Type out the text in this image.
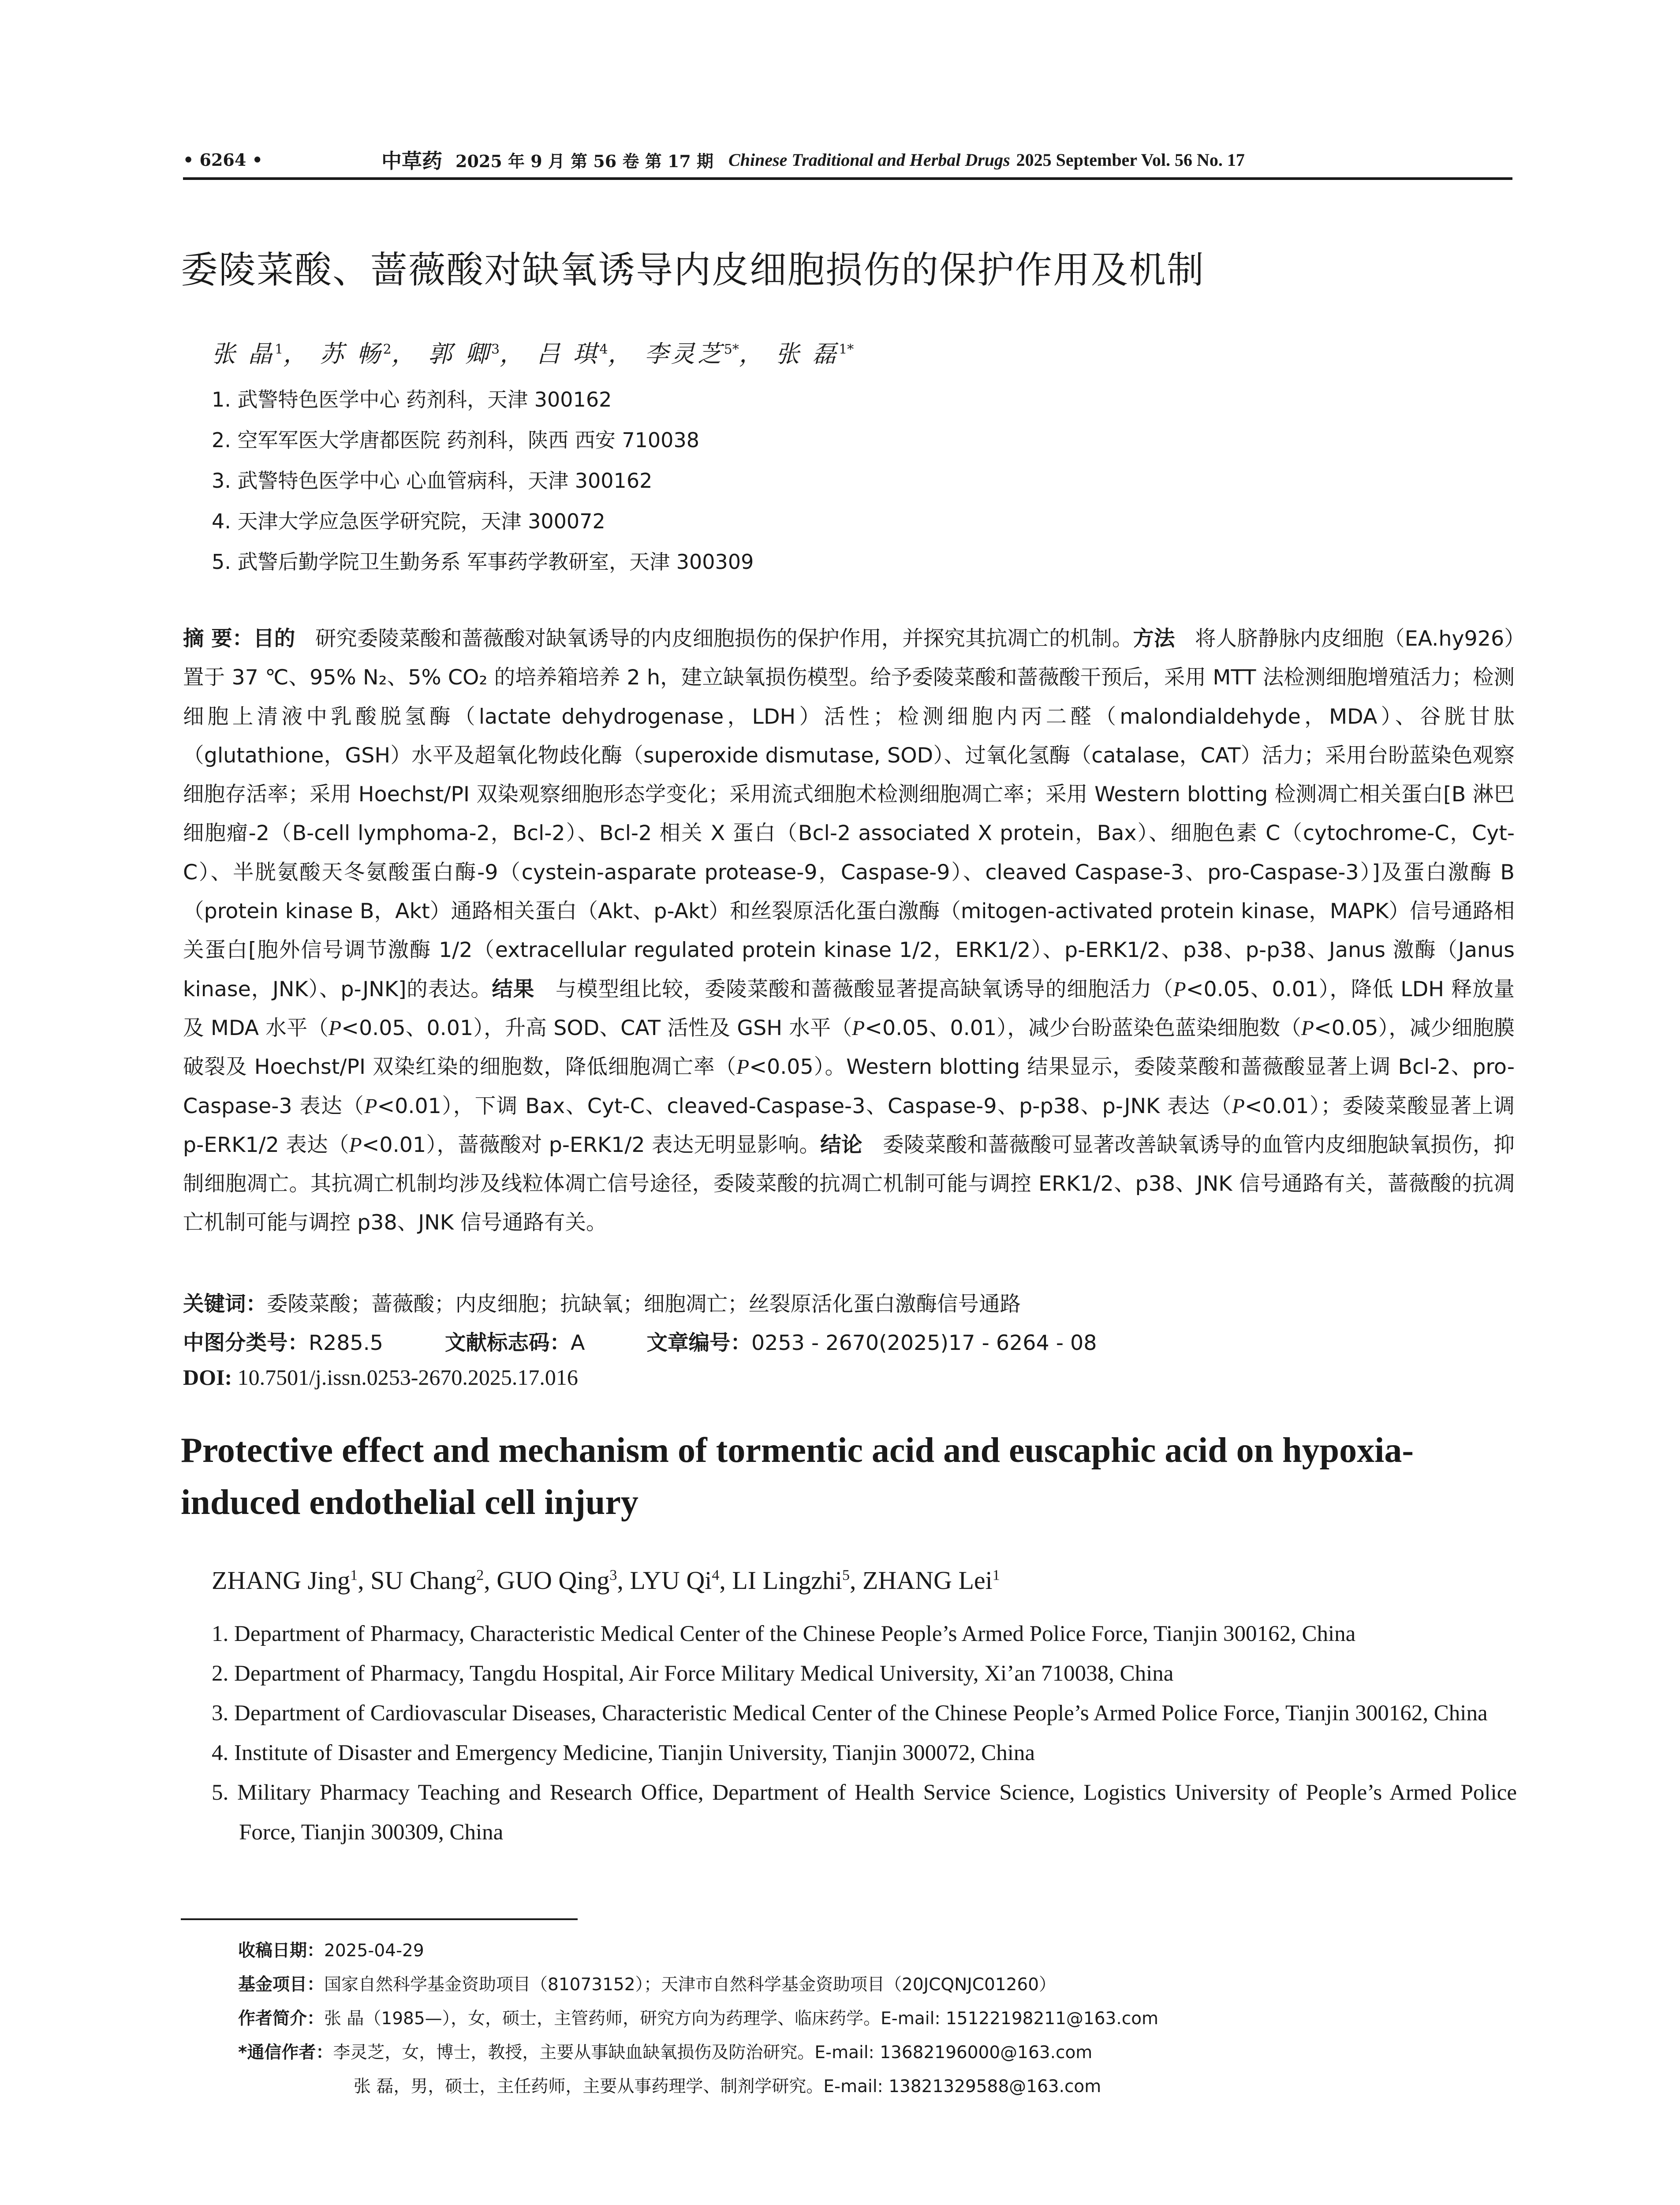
• 6264 •	中草药 2025 年 9 月 第 56 卷 第 17 期 Chinese Traditional and Herbal Drugs 2025 September Vol. 56 No. 17
委陵菜酸、蔷薇酸对缺氧诱导内皮细胞损伤的保护作用及机制
张 晶$^1$， 苏 畅$^2$， 郭 卿$^3$， 吕 琪$^4$， 李灵芝$^{5*}$， 张 磊$^{1*}$
1. 武警特色医学中心 药剂科，天津 300162
2. 空军军医大学唐都医院 药剂科，陕西 西安 710038
3. 武警特色医学中心 心血管病科，天津 300162
4. 天津大学应急医学研究院，天津 300072
5. 武警后勤学院卫生勤务系 军事药学教研室，天津 300309
摘 要：目的 研究委陵菜酸和蔷薇酸对缺氧诱导的内皮细胞损伤的保护作用，并探究其抗凋亡的机制。方法 将人脐静脉内皮细胞（EA.hy926）置于 37 ℃、95% N₂、5% CO₂ 的培养箱培养 2 h，建立缺氧损伤模型。给予委陵菜酸和蔷薇酸干预后，采用 MTT 法检测细胞增殖活力；检测细胞上清液中乳酸脱氢酶（lactate dehydrogenase，LDH）活性；检测细胞内丙二醛（malondialdehyde，MDA）、谷胱甘肽（glutathione，GSH）水平及超氧化物歧化酶（superoxide dismutase, SOD）、过氧化氢酶（catalase，CAT）活力；采用台盼蓝染色观察细胞存活率；采用 Hoechst/PI 双染观察细胞形态学变化；采用流式细胞术检测细胞凋亡率；采用 Western blotting 检测凋亡相关蛋白[B 淋巴细胞瘤-2（B-cell lymphoma-2，Bcl-2）、Bcl-2 相关 X 蛋白（Bcl-2 associated X protein，Bax）、细胞色素 C（cytochrome-C，Cyt-C）、半胱氨酸天冬氨酸蛋白酶-9（cystein-asparate protease-9，Caspase-9）、cleaved Caspase-3、pro-Caspase-3）]及蛋白激酶 B（protein kinase B，Akt）通路相关蛋白（Akt、p-Akt）和丝裂原活化蛋白激酶（mitogen-activated protein kinase，MAPK）信号通路相关蛋白[胞外信号调节激酶 1/2（extracellular regulated protein kinase 1/2，ERK1/2）、p-ERK1/2、p38、p-p38、Janus 激酶（Janus kinase，JNK）、p-JNK]的表达。结果 与模型组比较，委陵菜酸和蔷薇酸显著提高缺氧诱导的细胞活力（P<0.05、0.01），降低 LDH 释放量及 MDA 水平（P<0.05、0.01），升高 SOD、CAT 活性及 GSH 水平（P<0.05、0.01），减少台盼蓝染色蓝染细胞数（P<0.05），减少细胞膜破裂及 Hoechst/PI 双染红染的细胞数，降低细胞凋亡率（P<0.05）。Western blotting 结果显示，委陵菜酸和蔷薇酸显著上调 Bcl-2、pro-Caspase-3 表达（P<0.01），下调 Bax、Cyt-C、cleaved-Caspase-3、Caspase-9、p-p38、p-JNK 表达（P<0.01）；委陵菜酸显著上调 p-ERK1/2 表达（P<0.01），蔷薇酸对 p-ERK1/2 表达无明显影响。结论 委陵菜酸和蔷薇酸可显著改善缺氧诱导的血管内皮细胞缺氧损伤，抑制细胞凋亡。其抗凋亡机制均涉及线粒体凋亡信号途径，委陵菜酸的抗凋亡机制可能与调控 ERK1/2、p38、JNK 信号通路有关，蔷薇酸的抗凋亡机制可能与调控 p38、JNK 信号通路有关。
关键词：委陵菜酸；蔷薇酸；内皮细胞；抗缺氧；细胞凋亡；丝裂原活化蛋白激酶信号通路
中图分类号：R285.5	文献标志码：A	文章编号：0253 - 2670(2025)17 - 6264 - 08
DOI: 10.7501/j.issn.0253-2670.2025.17.016
Protective effect and mechanism of tormentic acid and euscaphic acid on hypoxia-induced endothelial cell injury
ZHANG Jing$^1$, SU Chang$^2$, GUO Qing$^3$, LYU Qi$^4$, LI Lingzhi$^5$, ZHANG Lei$^1$
1. Department of Pharmacy, Characteristic Medical Center of the Chinese People’s Armed Police Force, Tianjin 300162, China
2. Department of Pharmacy, Tangdu Hospital, Air Force Military Medical University, Xi’an 710038, China
3. Department of Cardiovascular Diseases, Characteristic Medical Center of the Chinese People’s Armed Police Force, Tianjin 300162, China
4. Institute of Disaster and Emergency Medicine, Tianjin University, Tianjin 300072, China
5. Military Pharmacy Teaching and Research Office, Department of Health Service Science, Logistics University of People’s Armed Police Force, Tianjin 300309, China
收稿日期：2025-04-29
基金项目：国家自然科学基金资助项目（81073152）；天津市自然科学基金资助项目（20JCQNJC01260）
作者简介：张 晶（1985—），女，硕士，主管药师，研究方向为药理学、临床药学。E-mail: 15122198211@163.com
*通信作者：李灵芝，女，博士，教授，主要从事缺血缺氧损伤及防治研究。E-mail: 13682196000@163.com
张 磊，男，硕士，主任药师，主要从事药理学、制剂学研究。E-mail: 13821329588@163.com
